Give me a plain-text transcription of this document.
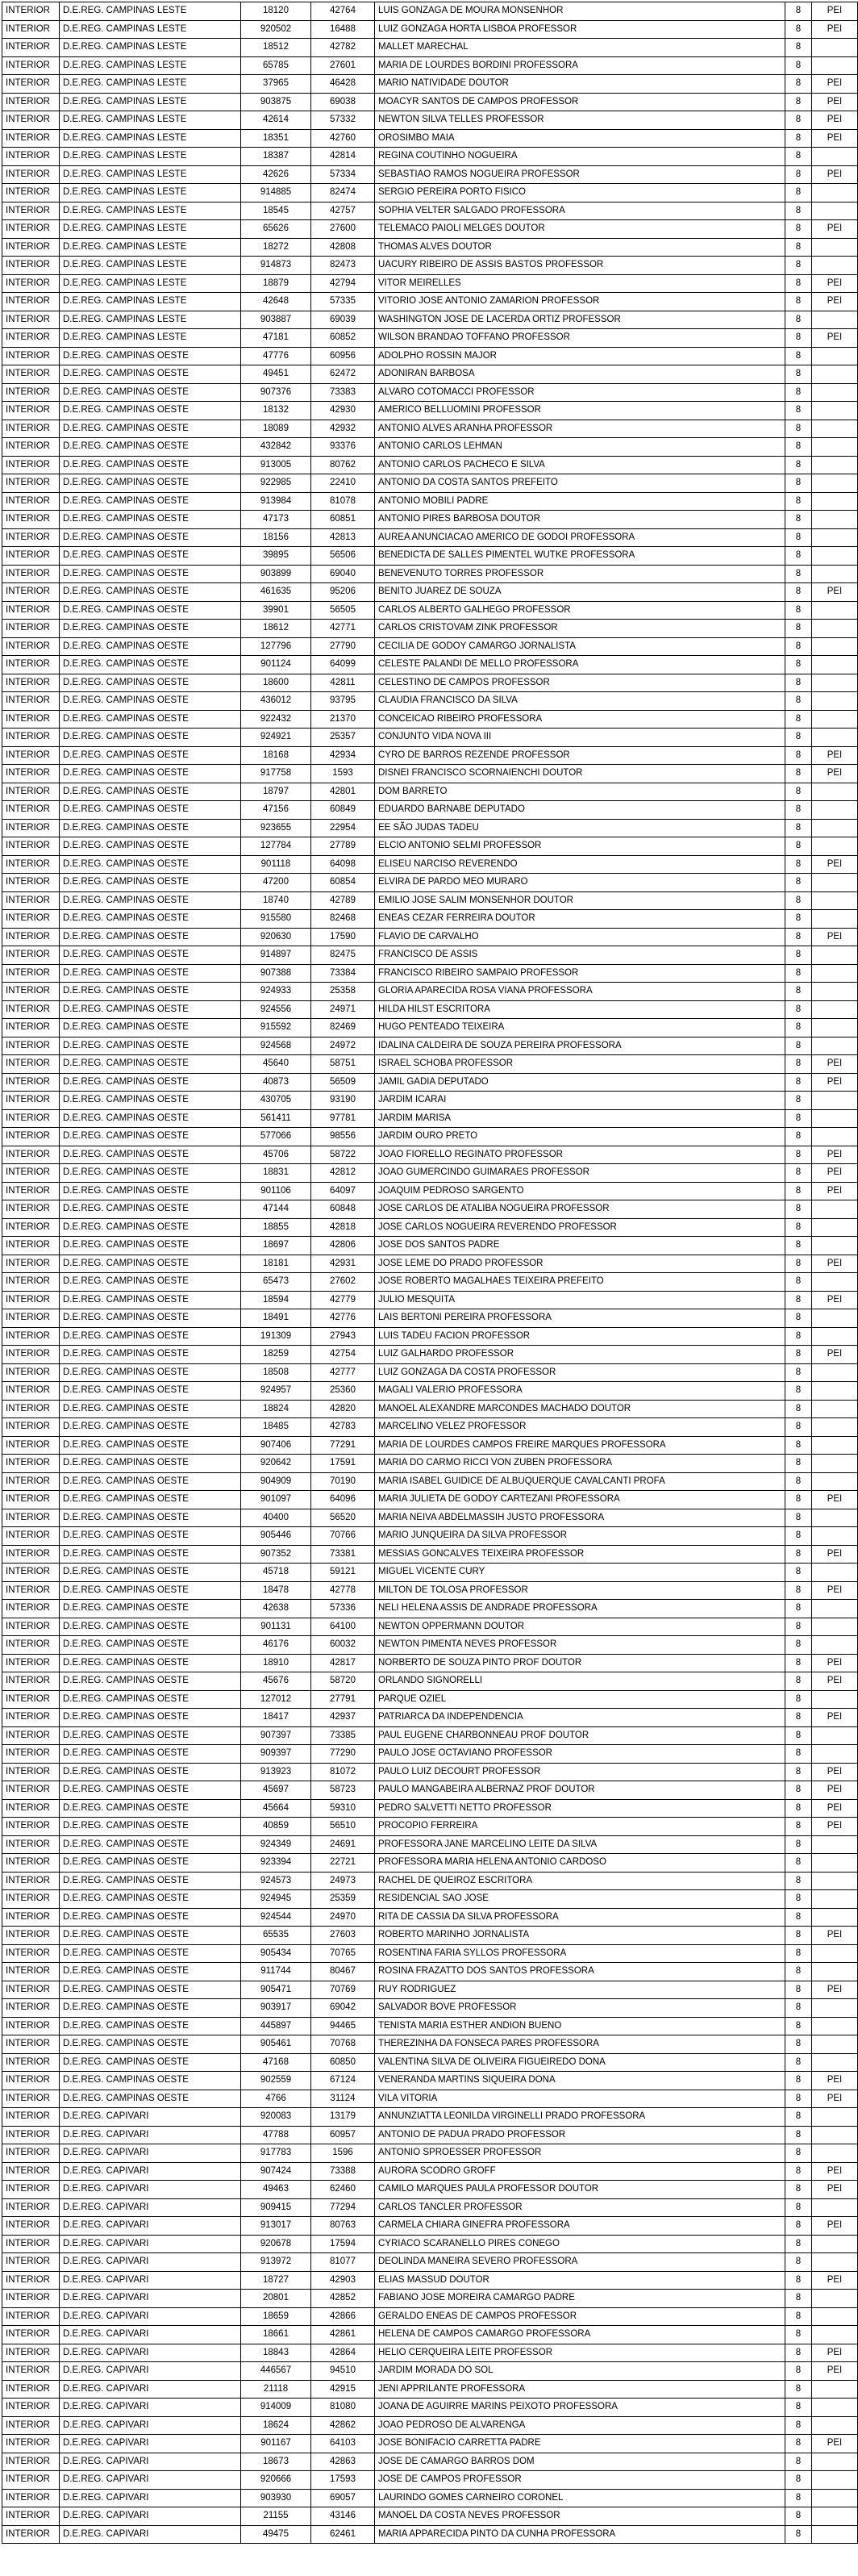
INTERIOR	D.E.REG. CAMPINAS LESTE	18120	42764	LUIS GONZAGA DE MOURA MONSENHOR	8	PEI
INTERIOR	D.E.REG. CAMPINAS LESTE	920502	16488	LUIZ GONZAGA HORTA LISBOA PROFESSOR	8	PEI
INTERIOR	D.E.REG. CAMPINAS LESTE	18512	42782	MALLET MARECHAL	8	
INTERIOR	D.E.REG. CAMPINAS LESTE	65785	27601	MARIA DE LOURDES BORDINI PROFESSORA	8	
INTERIOR	D.E.REG. CAMPINAS LESTE	37965	46428	MARIO NATIVIDADE DOUTOR	8	PEI
INTERIOR	D.E.REG. CAMPINAS LESTE	903875	69038	MOACYR SANTOS DE CAMPOS PROFESSOR	8	PEI
INTERIOR	D.E.REG. CAMPINAS LESTE	42614	57332	NEWTON SILVA TELLES PROFESSOR	8	PEI
INTERIOR	D.E.REG. CAMPINAS LESTE	18351	42760	OROSIMBO MAIA	8	PEI
INTERIOR	D.E.REG. CAMPINAS LESTE	18387	42814	REGINA COUTINHO NOGUEIRA	8	
INTERIOR	D.E.REG. CAMPINAS LESTE	42626	57334	SEBASTIAO RAMOS NOGUEIRA PROFESSOR	8	PEI
INTERIOR	D.E.REG. CAMPINAS LESTE	914885	82474	SERGIO PEREIRA PORTO FISICO	8	
INTERIOR	D.E.REG. CAMPINAS LESTE	18545	42757	SOPHIA VELTER SALGADO PROFESSORA	8	
INTERIOR	D.E.REG. CAMPINAS LESTE	65626	27600	TELEMACO PAIOLI MELGES DOUTOR	8	PEI
INTERIOR	D.E.REG. CAMPINAS LESTE	18272	42808	THOMAS ALVES DOUTOR	8	
INTERIOR	D.E.REG. CAMPINAS LESTE	914873	82473	UACURY RIBEIRO DE ASSIS BASTOS PROFESSOR	8	
INTERIOR	D.E.REG. CAMPINAS LESTE	18879	42794	VITOR MEIRELLES	8	PEI
INTERIOR	D.E.REG. CAMPINAS LESTE	42648	57335	VITORIO JOSE ANTONIO ZAMARION PROFESSOR	8	PEI
INTERIOR	D.E.REG. CAMPINAS LESTE	903887	69039	WASHINGTON JOSE DE LACERDA ORTIZ PROFESSOR	8	
INTERIOR	D.E.REG. CAMPINAS LESTE	47181	60852	WILSON BRANDAO TOFFANO PROFESSOR	8	PEI
INTERIOR	D.E.REG. CAMPINAS OESTE	47776	60956	ADOLPHO ROSSIN MAJOR	8	
INTERIOR	D.E.REG. CAMPINAS OESTE	49451	62472	ADONIRAN BARBOSA	8	
INTERIOR	D.E.REG. CAMPINAS OESTE	907376	73383	ALVARO COTOMACCI PROFESSOR	8	
INTERIOR	D.E.REG. CAMPINAS OESTE	18132	42930	AMERICO BELLUOMINI PROFESSOR	8	
INTERIOR	D.E.REG. CAMPINAS OESTE	18089	42932	ANTONIO ALVES ARANHA PROFESSOR	8	
INTERIOR	D.E.REG. CAMPINAS OESTE	432842	93376	ANTONIO CARLOS LEHMAN	8	
INTERIOR	D.E.REG. CAMPINAS OESTE	913005	80762	ANTONIO CARLOS PACHECO E SILVA	8	
INTERIOR	D.E.REG. CAMPINAS OESTE	922985	22410	ANTONIO DA COSTA SANTOS PREFEITO	8	
INTERIOR	D.E.REG. CAMPINAS OESTE	913984	81078	ANTONIO MOBILI PADRE	8	
INTERIOR	D.E.REG. CAMPINAS OESTE	47173	60851	ANTONIO PIRES BARBOSA DOUTOR	8	
INTERIOR	D.E.REG. CAMPINAS OESTE	18156	42813	AUREA ANUNCIACAO AMERICO DE GODOI PROFESSORA	8	
INTERIOR	D.E.REG. CAMPINAS OESTE	39895	56506	BENEDICTA DE SALLES PIMENTEL WUTKE PROFESSORA	8	
INTERIOR	D.E.REG. CAMPINAS OESTE	903899	69040	BENEVENUTO TORRES PROFESSOR	8	
INTERIOR	D.E.REG. CAMPINAS OESTE	461635	95206	BENITO JUAREZ DE SOUZA	8	PEI
INTERIOR	D.E.REG. CAMPINAS OESTE	39901	56505	CARLOS ALBERTO GALHEGO PROFESSOR	8	
INTERIOR	D.E.REG. CAMPINAS OESTE	18612	42771	CARLOS CRISTOVAM ZINK PROFESSOR	8	
INTERIOR	D.E.REG. CAMPINAS OESTE	127796	27790	CECILIA DE GODOY CAMARGO JORNALISTA	8	
INTERIOR	D.E.REG. CAMPINAS OESTE	901124	64099	CELESTE PALANDI DE MELLO PROFESSORA	8	
INTERIOR	D.E.REG. CAMPINAS OESTE	18600	42811	CELESTINO DE CAMPOS PROFESSOR	8	
INTERIOR	D.E.REG. CAMPINAS OESTE	436012	93795	CLAUDIA FRANCISCO DA SILVA	8	
INTERIOR	D.E.REG. CAMPINAS OESTE	922432	21370	CONCEICAO RIBEIRO PROFESSORA	8	
INTERIOR	D.E.REG. CAMPINAS OESTE	924921	25357	CONJUNTO VIDA NOVA III	8	
INTERIOR	D.E.REG. CAMPINAS OESTE	18168	42934	CYRO DE BARROS REZENDE PROFESSOR	8	PEI
INTERIOR	D.E.REG. CAMPINAS OESTE	917758	1593	DISNEI FRANCISCO SCORNAIENCHI DOUTOR	8	PEI
INTERIOR	D.E.REG. CAMPINAS OESTE	18797	42801	DOM BARRETO	8	
INTERIOR	D.E.REG. CAMPINAS OESTE	47156	60849	EDUARDO BARNABE DEPUTADO	8	
INTERIOR	D.E.REG. CAMPINAS OESTE	923655	22954	EE SÃO JUDAS TADEU	8	
INTERIOR	D.E.REG. CAMPINAS OESTE	127784	27789	ELCIO ANTONIO SELMI PROFESSOR	8	
INTERIOR	D.E.REG. CAMPINAS OESTE	901118	64098	ELISEU NARCISO REVERENDO	8	PEI
INTERIOR	D.E.REG. CAMPINAS OESTE	47200	60854	ELVIRA DE PARDO MEO MURARO	8	
INTERIOR	D.E.REG. CAMPINAS OESTE	18740	42789	EMILIO JOSE SALIM MONSENHOR DOUTOR	8	
INTERIOR	D.E.REG. CAMPINAS OESTE	915580	82468	ENEAS CEZAR FERREIRA DOUTOR	8	
INTERIOR	D.E.REG. CAMPINAS OESTE	920630	17590	FLAVIO DE CARVALHO	8	PEI
INTERIOR	D.E.REG. CAMPINAS OESTE	914897	82475	FRANCISCO DE ASSIS	8	
INTERIOR	D.E.REG. CAMPINAS OESTE	907388	73384	FRANCISCO RIBEIRO SAMPAIO PROFESSOR	8	
INTERIOR	D.E.REG. CAMPINAS OESTE	924933	25358	GLORIA APARECIDA ROSA VIANA PROFESSORA	8	
INTERIOR	D.E.REG. CAMPINAS OESTE	924556	24971	HILDA HILST ESCRITORA	8	
INTERIOR	D.E.REG. CAMPINAS OESTE	915592	82469	HUGO PENTEADO TEIXEIRA	8	
INTERIOR	D.E.REG. CAMPINAS OESTE	924568	24972	IDALINA CALDEIRA DE SOUZA PEREIRA PROFESSORA	8	
INTERIOR	D.E.REG. CAMPINAS OESTE	45640	58751	ISRAEL SCHOBA PROFESSOR	8	PEI
INTERIOR	D.E.REG. CAMPINAS OESTE	40873	56509	JAMIL GADIA DEPUTADO	8	PEI
INTERIOR	D.E.REG. CAMPINAS OESTE	430705	93190	JARDIM ICARAI	8	
INTERIOR	D.E.REG. CAMPINAS OESTE	561411	97781	JARDIM MARISA	8	
INTERIOR	D.E.REG. CAMPINAS OESTE	577066	98556	JARDIM OURO PRETO	8	
INTERIOR	D.E.REG. CAMPINAS OESTE	45706	58722	JOAO FIORELLO REGINATO PROFESSOR	8	PEI
INTERIOR	D.E.REG. CAMPINAS OESTE	18831	42812	JOAO GUMERCINDO GUIMARAES PROFESSOR	8	PEI
INTERIOR	D.E.REG. CAMPINAS OESTE	901106	64097	JOAQUIM PEDROSO SARGENTO	8	PEI
INTERIOR	D.E.REG. CAMPINAS OESTE	47144	60848	JOSE CARLOS DE ATALIBA NOGUEIRA PROFESSOR	8	
INTERIOR	D.E.REG. CAMPINAS OESTE	18855	42818	JOSE CARLOS NOGUEIRA REVERENDO PROFESSOR	8	
INTERIOR	D.E.REG. CAMPINAS OESTE	18697	42806	JOSE DOS SANTOS PADRE	8	
INTERIOR	D.E.REG. CAMPINAS OESTE	18181	42931	JOSE LEME DO PRADO PROFESSOR	8	PEI
INTERIOR	D.E.REG. CAMPINAS OESTE	65473	27602	JOSE ROBERTO MAGALHAES TEIXEIRA PREFEITO	8	
INTERIOR	D.E.REG. CAMPINAS OESTE	18594	42779	JULIO MESQUITA	8	PEI
INTERIOR	D.E.REG. CAMPINAS OESTE	18491	42776	LAIS BERTONI PEREIRA PROFESSORA	8	
INTERIOR	D.E.REG. CAMPINAS OESTE	191309	27943	LUIS TADEU FACION PROFESSOR	8	
INTERIOR	D.E.REG. CAMPINAS OESTE	18259	42754	LUIZ GALHARDO PROFESSOR	8	PEI
INTERIOR	D.E.REG. CAMPINAS OESTE	18508	42777	LUIZ GONZAGA DA COSTA PROFESSOR	8	
INTERIOR	D.E.REG. CAMPINAS OESTE	924957	25360	MAGALI VALERIO PROFESSORA	8	
INTERIOR	D.E.REG. CAMPINAS OESTE	18824	42820	MANOEL ALEXANDRE MARCONDES MACHADO DOUTOR	8	
INTERIOR	D.E.REG. CAMPINAS OESTE	18485	42783	MARCELINO VELEZ PROFESSOR	8	
INTERIOR	D.E.REG. CAMPINAS OESTE	907406	77291	MARIA DE LOURDES CAMPOS FREIRE MARQUES PROFESSORA	8	
INTERIOR	D.E.REG. CAMPINAS OESTE	920642	17591	MARIA DO CARMO RICCI VON ZUBEN PROFESSORA	8	
INTERIOR	D.E.REG. CAMPINAS OESTE	904909	70190	MARIA ISABEL GUIDICE DE ALBUQUERQUE CAVALCANTI PROFA	8	
INTERIOR	D.E.REG. CAMPINAS OESTE	901097	64096	MARIA JULIETA DE GODOY CARTEZANI PROFESSORA	8	PEI
INTERIOR	D.E.REG. CAMPINAS OESTE	40400	56520	MARIA NEIVA ABDELMASSIH JUSTO PROFESSORA	8	
INTERIOR	D.E.REG. CAMPINAS OESTE	905446	70766	MARIO JUNQUEIRA DA SILVA PROFESSOR	8	
INTERIOR	D.E.REG. CAMPINAS OESTE	907352	73381	MESSIAS GONCALVES TEIXEIRA PROFESSOR	8	PEI
INTERIOR	D.E.REG. CAMPINAS OESTE	45718	59121	MIGUEL VICENTE CURY	8	
INTERIOR	D.E.REG. CAMPINAS OESTE	18478	42778	MILTON DE TOLOSA PROFESSOR	8	PEI
INTERIOR	D.E.REG. CAMPINAS OESTE	42638	57336	NELI HELENA ASSIS DE ANDRADE PROFESSORA	8	
INTERIOR	D.E.REG. CAMPINAS OESTE	901131	64100	NEWTON OPPERMANN DOUTOR	8	
INTERIOR	D.E.REG. CAMPINAS OESTE	46176	60032	NEWTON PIMENTA NEVES PROFESSOR	8	
INTERIOR	D.E.REG. CAMPINAS OESTE	18910	42817	NORBERTO DE SOUZA PINTO PROF DOUTOR	8	PEI
INTERIOR	D.E.REG. CAMPINAS OESTE	45676	58720	ORLANDO SIGNORELLI	8	PEI
INTERIOR	D.E.REG. CAMPINAS OESTE	127012	27791	PARQUE OZIEL	8	
INTERIOR	D.E.REG. CAMPINAS OESTE	18417	42937	PATRIARCA DA INDEPENDENCIA	8	PEI
INTERIOR	D.E.REG. CAMPINAS OESTE	907397	73385	PAUL EUGENE CHARBONNEAU PROF DOUTOR	8	
INTERIOR	D.E.REG. CAMPINAS OESTE	909397	77290	PAULO JOSE OCTAVIANO PROFESSOR	8	
INTERIOR	D.E.REG. CAMPINAS OESTE	913923	81072	PAULO LUIZ DECOURT PROFESSOR	8	PEI
INTERIOR	D.E.REG. CAMPINAS OESTE	45697	58723	PAULO MANGABEIRA ALBERNAZ PROF DOUTOR	8	PEI
INTERIOR	D.E.REG. CAMPINAS OESTE	45664	59310	PEDRO SALVETTI NETTO PROFESSOR	8	PEI
INTERIOR	D.E.REG. CAMPINAS OESTE	40859	56510	PROCOPIO FERREIRA	8	PEI
INTERIOR	D.E.REG. CAMPINAS OESTE	924349	24691	PROFESSORA JANE MARCELINO LEITE DA SILVA	8	
INTERIOR	D.E.REG. CAMPINAS OESTE	923394	22721	PROFESSORA MARIA HELENA ANTONIO CARDOSO	8	
INTERIOR	D.E.REG. CAMPINAS OESTE	924573	24973	RACHEL DE QUEIROZ ESCRITORA	8	
INTERIOR	D.E.REG. CAMPINAS OESTE	924945	25359	RESIDENCIAL SAO JOSE	8	
INTERIOR	D.E.REG. CAMPINAS OESTE	924544	24970	RITA DE CASSIA DA SILVA PROFESSORA	8	
INTERIOR	D.E.REG. CAMPINAS OESTE	65535	27603	ROBERTO MARINHO JORNALISTA	8	PEI
INTERIOR	D.E.REG. CAMPINAS OESTE	905434	70765	ROSENTINA FARIA SYLLOS PROFESSORA	8	
INTERIOR	D.E.REG. CAMPINAS OESTE	911744	80467	ROSINA FRAZATTO DOS SANTOS PROFESSORA	8	
INTERIOR	D.E.REG. CAMPINAS OESTE	905471	70769	RUY RODRIGUEZ	8	PEI
INTERIOR	D.E.REG. CAMPINAS OESTE	903917	69042	SALVADOR BOVE PROFESSOR	8	
INTERIOR	D.E.REG. CAMPINAS OESTE	445897	94465	TENISTA MARIA ESTHER ANDION BUENO	8	
INTERIOR	D.E.REG. CAMPINAS OESTE	905461	70768	THEREZINHA DA FONSECA PARES PROFESSORA	8	
INTERIOR	D.E.REG. CAMPINAS OESTE	47168	60850	VALENTINA SILVA DE OLIVEIRA FIGUEIREDO DONA	8	
INTERIOR	D.E.REG. CAMPINAS OESTE	902559	67124	VENERANDA MARTINS SIQUEIRA DONA	8	PEI
INTERIOR	D.E.REG. CAMPINAS OESTE	4766	31124	VILA VITORIA	8	PEI
INTERIOR	D.E.REG. CAPIVARI	920083	13179	ANNUNZIATTA LEONILDA VIRGINELLI PRADO PROFESSORA	8	
INTERIOR	D.E.REG. CAPIVARI	47788	60957	ANTONIO DE PADUA PRADO PROFESSOR	8	
INTERIOR	D.E.REG. CAPIVARI	917783	1596	ANTONIO SPROESSER PROFESSOR	8	
INTERIOR	D.E.REG. CAPIVARI	907424	73388	AURORA SCODRO GROFF	8	PEI
INTERIOR	D.E.REG. CAPIVARI	49463	62460	CAMILO MARQUES PAULA PROFESSOR DOUTOR	8	PEI
INTERIOR	D.E.REG. CAPIVARI	909415	77294	CARLOS TANCLER PROFESSOR	8	
INTERIOR	D.E.REG. CAPIVARI	913017	80763	CARMELA CHIARA GINEFRA PROFESSORA	8	PEI
INTERIOR	D.E.REG. CAPIVARI	920678	17594	CYRIACO SCARANELLO PIRES CONEGO	8	
INTERIOR	D.E.REG. CAPIVARI	913972	81077	DEOLINDA MANEIRA SEVERO PROFESSORA	8	
INTERIOR	D.E.REG. CAPIVARI	18727	42903	ELIAS MASSUD DOUTOR	8	PEI
INTERIOR	D.E.REG. CAPIVARI	20801	42852	FABIANO JOSE MOREIRA CAMARGO PADRE	8	
INTERIOR	D.E.REG. CAPIVARI	18659	42866	GERALDO ENEAS DE CAMPOS PROFESSOR	8	
INTERIOR	D.E.REG. CAPIVARI	18661	42861	HELENA DE CAMPOS CAMARGO PROFESSORA	8	
INTERIOR	D.E.REG. CAPIVARI	18843	42864	HELIO CERQUEIRA LEITE PROFESSOR	8	PEI
INTERIOR	D.E.REG. CAPIVARI	446567	94510	JARDIM MORADA DO SOL	8	PEI
INTERIOR	D.E.REG. CAPIVARI	21118	42915	JENI APPRILANTE PROFESSORA	8	
INTERIOR	D.E.REG. CAPIVARI	914009	81080	JOANA DE AGUIRRE MARINS PEIXOTO PROFESSORA	8	
INTERIOR	D.E.REG. CAPIVARI	18624	42862	JOAO PEDROSO DE ALVARENGA	8	
INTERIOR	D.E.REG. CAPIVARI	901167	64103	JOSE BONIFACIO CARRETTA PADRE	8	PEI
INTERIOR	D.E.REG. CAPIVARI	18673	42863	JOSE DE CAMARGO BARROS DOM	8	
INTERIOR	D.E.REG. CAPIVARI	920666	17593	JOSE DE CAMPOS PROFESSOR	8	
INTERIOR	D.E.REG. CAPIVARI	903930	69057	LAURINDO GOMES CARNEIRO CORONEL	8	
INTERIOR	D.E.REG. CAPIVARI	21155	43146	MANOEL DA COSTA NEVES PROFESSOR	8	
INTERIOR	D.E.REG. CAPIVARI	49475	62461	MARIA APPARECIDA PINTO DA CUNHA PROFESSORA	8	
